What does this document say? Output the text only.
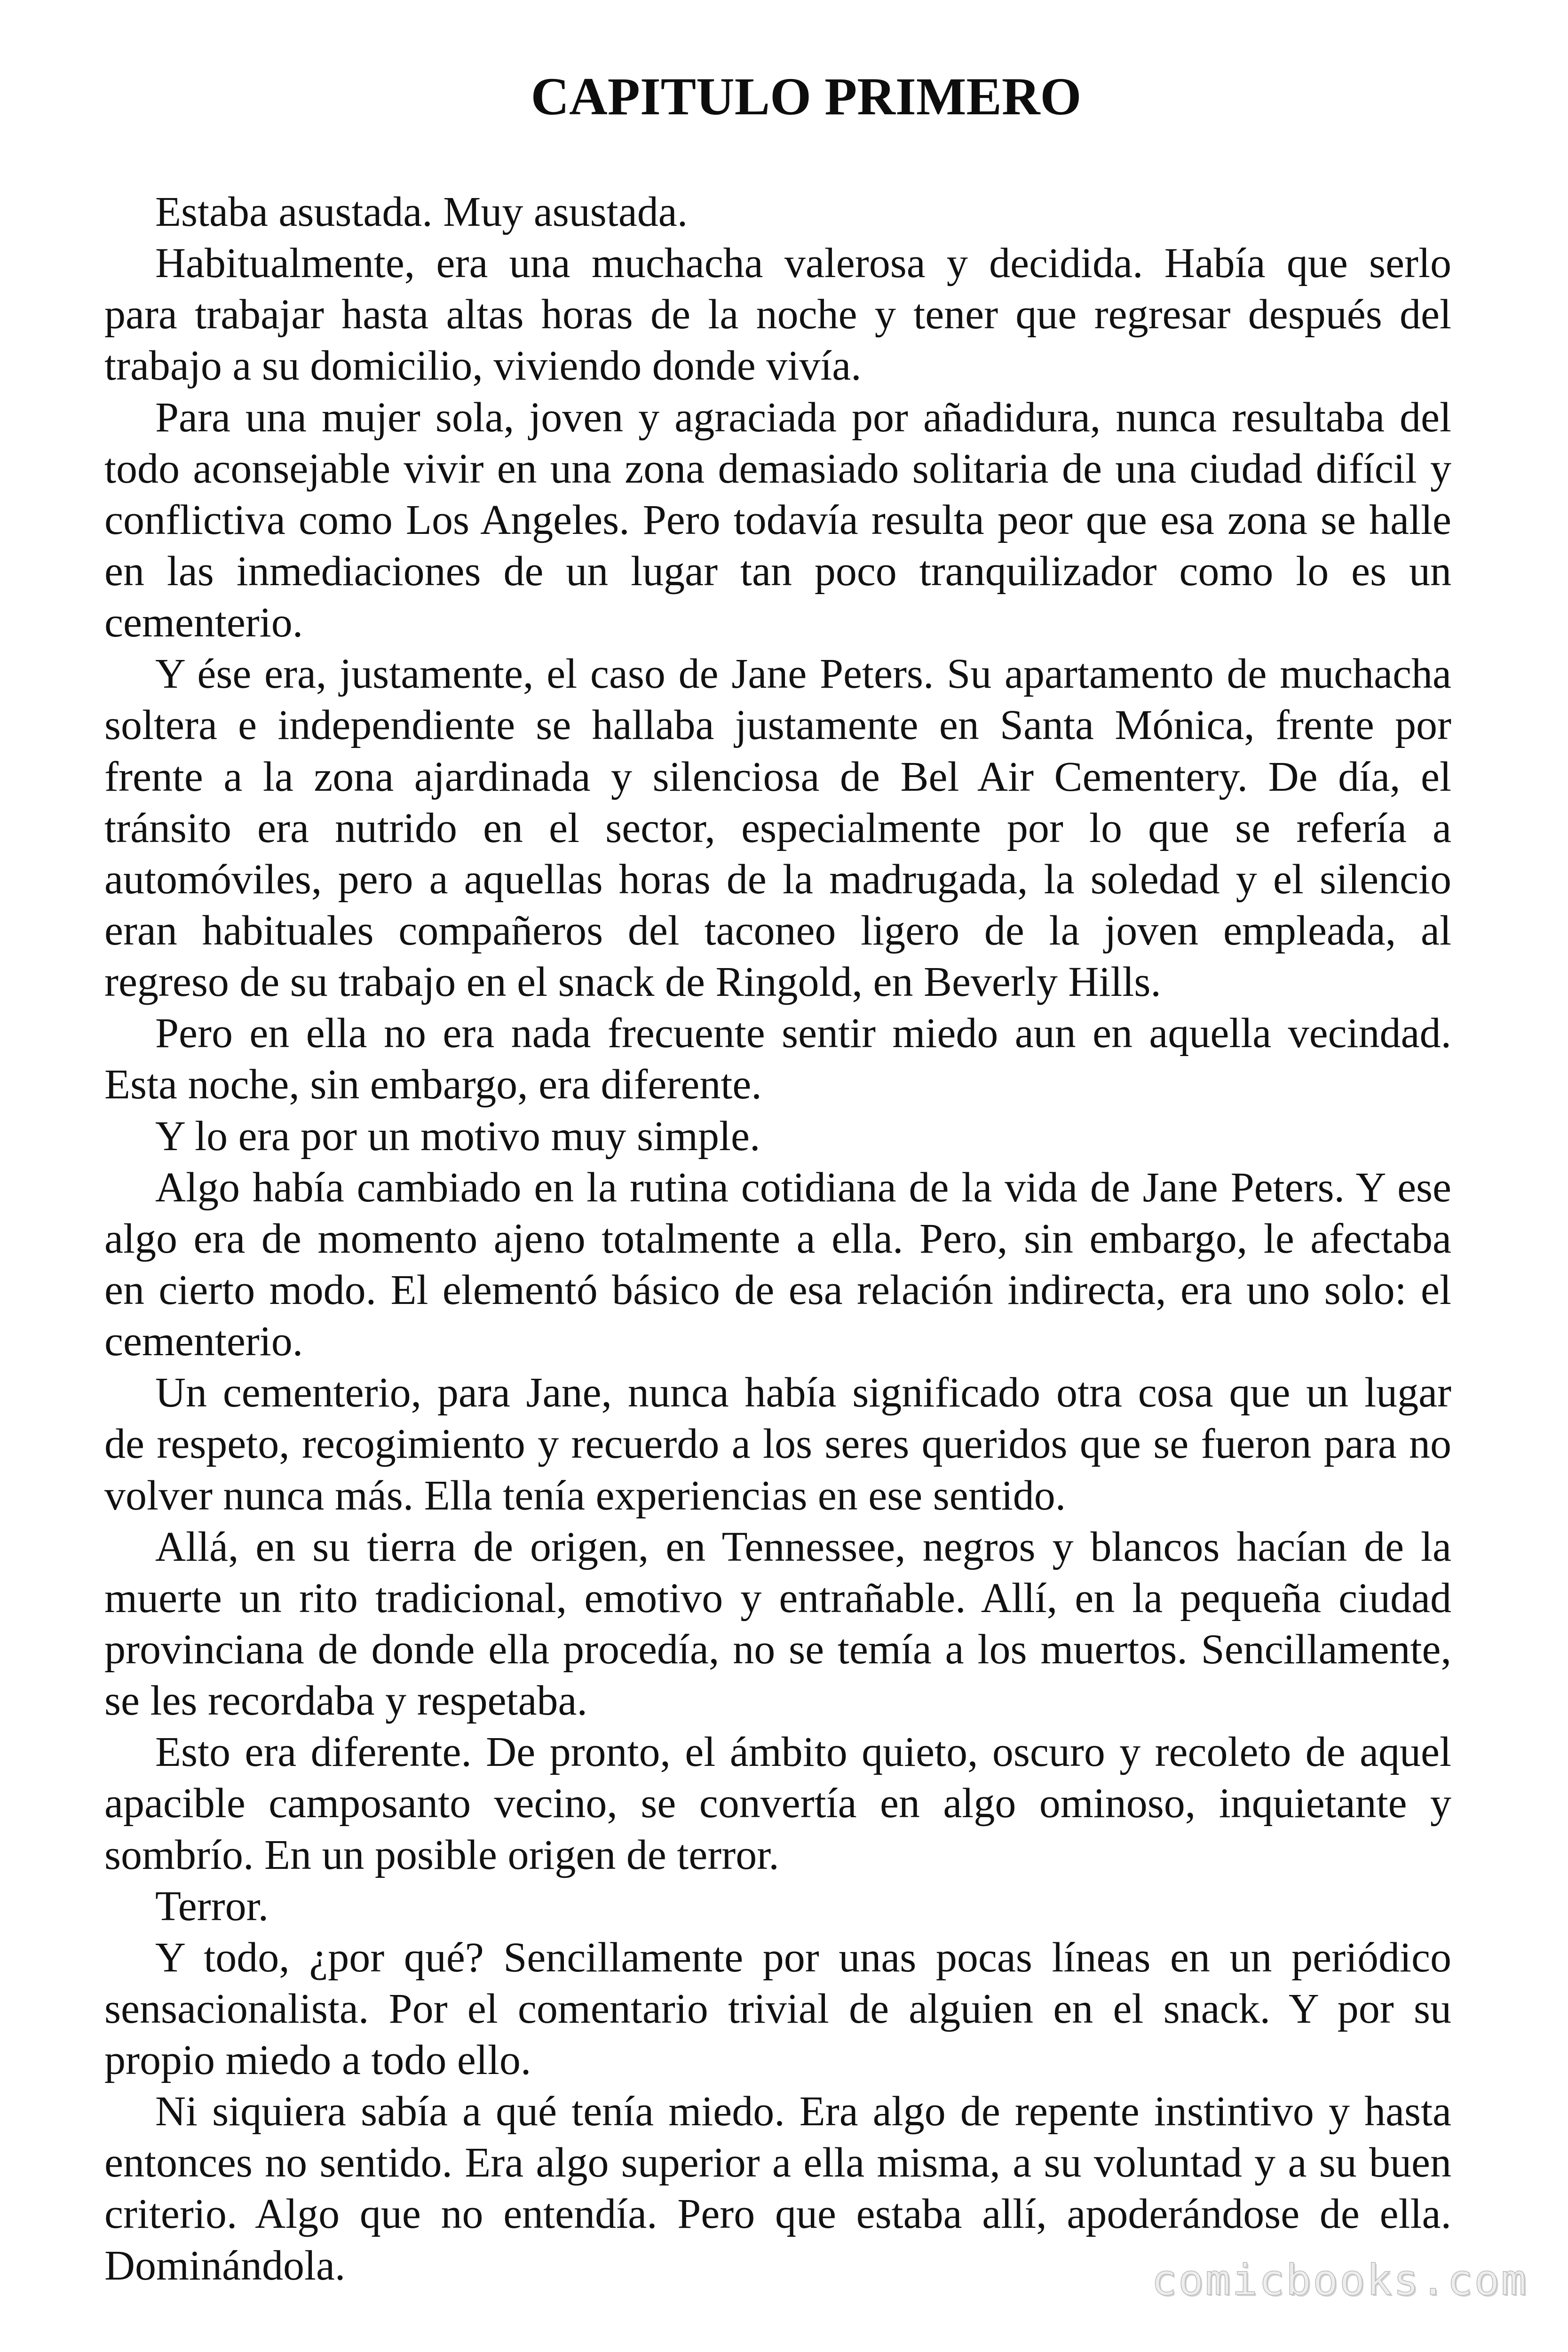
CAPITULO PRIMERO
Estaba asustada. Muy asustada.
Habitualmente, era una muchacha valerosa y decidida. Había que serlo
para trabajar hasta altas horas de la noche y tener que regresar después del
trabajo a su domicilio, viviendo donde vivía.
Para una mujer sola, joven y agraciada por añadidura, nunca resultaba del
todo aconsejable vivir en una zona demasiado solitaria de una ciudad difícil y
conflictiva como Los Angeles. Pero todavía resulta peor que esa zona se halle
en las inmediaciones de un lugar tan poco tranquilizador como lo es un
cementerio.
Y ése era, justamente, el caso de Jane Peters. Su apartamento de muchacha
soltera e independiente se hallaba justamente en Santa Mónica, frente por
frente a la zona ajardinada y silenciosa de Bel Air Cementery. De día, el
tránsito era nutrido en el sector, especialmente por lo que se refería a
automóviles, pero a aquellas horas de la madrugada, la soledad y el silencio
eran habituales compañeros del taconeo ligero de la joven empleada, al
regreso de su trabajo en el snack de Ringold, en Beverly Hills.
Pero en ella no era nada frecuente sentir miedo aun en aquella vecindad.
Esta noche, sin embargo, era diferente.
Y lo era por un motivo muy simple.
Algo había cambiado en la rutina cotidiana de la vida de Jane Peters. Y ese
algo era de momento ajeno totalmente a ella. Pero, sin embargo, le afectaba
en cierto modo. El elementó básico de esa relación indirecta, era uno solo: el
cementerio.
Un cementerio, para Jane, nunca había significado otra cosa que un lugar
de respeto, recogimiento y recuerdo a los seres queridos que se fueron para no
volver nunca más. Ella tenía experiencias en ese sentido.
Allá, en su tierra de origen, en Tennessee, negros y blancos hacían de la
muerte un rito tradicional, emotivo y entrañable. Allí, en la pequeña ciudad
provinciana de donde ella procedía, no se temía a los muertos. Sencillamente,
se les recordaba y respetaba.
Esto era diferente. De pronto, el ámbito quieto, oscuro y recoleto de aquel
apacible camposanto vecino, se convertía en algo ominoso, inquietante y
sombrío. En un posible origen de terror.
Terror.
Y todo, ¿por qué? Sencillamente por unas pocas líneas en un periódico
sensacionalista. Por el comentario trivial de alguien en el snack. Y por su
propio miedo a todo ello.
Ni siquiera sabía a qué tenía miedo. Era algo de repente instintivo y hasta
entonces no sentido. Era algo superior a ella misma, a su voluntad y a su buen
criterio. Algo que no entendía. Pero que estaba allí, apoderándose de ella.
Dominándola.	comicbooks.com
